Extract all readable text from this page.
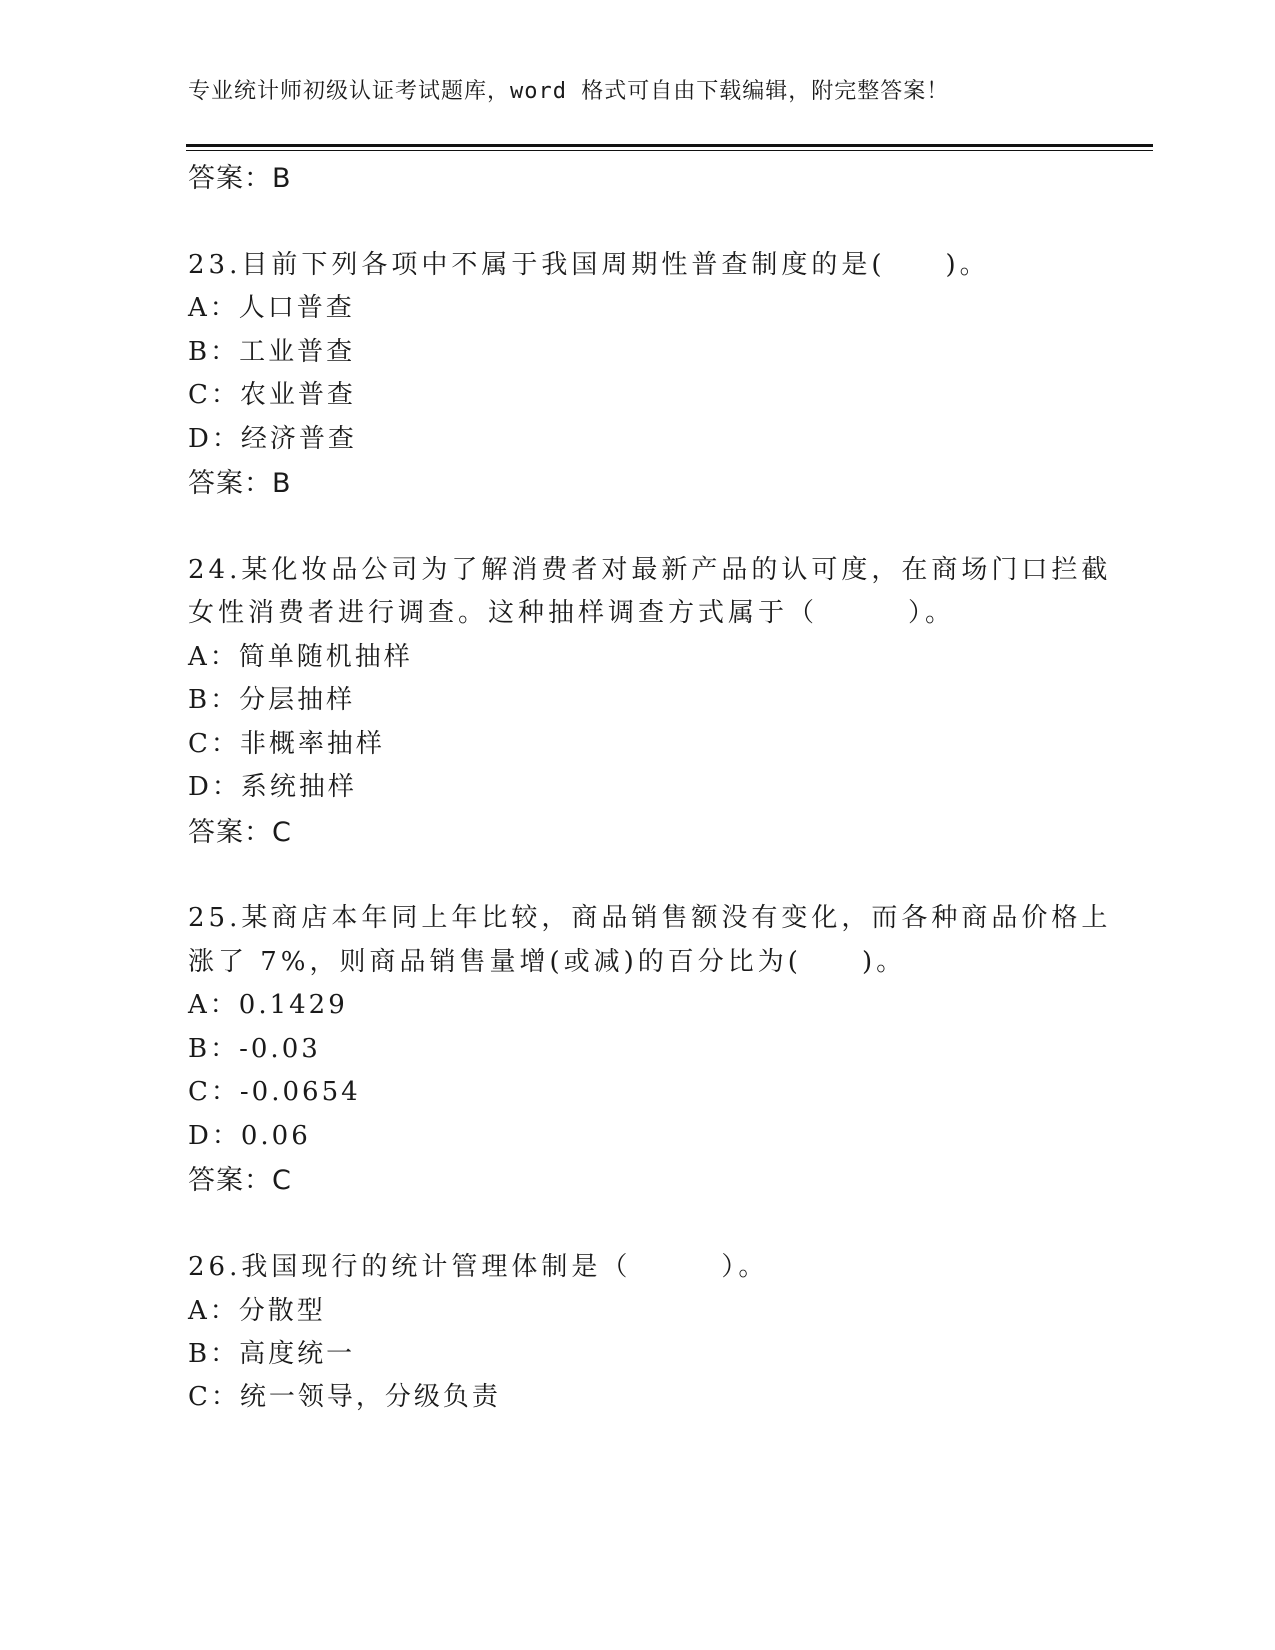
专业统计师初级认证考试题库，word 格式可自由下载编辑，附完整答案！
答案：B
23.目前下列各项中不属于我国周期性普查制度的是(　　)。
A：人口普查
B：工业普查
C：农业普查
D：经济普查
答案：B
24.某化妆品公司为了解消费者对最新产品的认可度，在商场门口拦截
女性消费者进行调查。这种抽样调查方式属于（　　　）。
A：简单随机抽样
B：分层抽样
C：非概率抽样
D：系统抽样
答案：C
25.某商店本年同上年比较，商品销售额没有变化，而各种商品价格上
涨了 7%，则商品销售量增(或减)的百分比为(　　)。
A：0.1429
B：-0.03
C：-0.0654
D：0.06
答案：C
26.我国现行的统计管理体制是（　　　）。
A：分散型
B：高度统一
C：统一领导，分级负责
